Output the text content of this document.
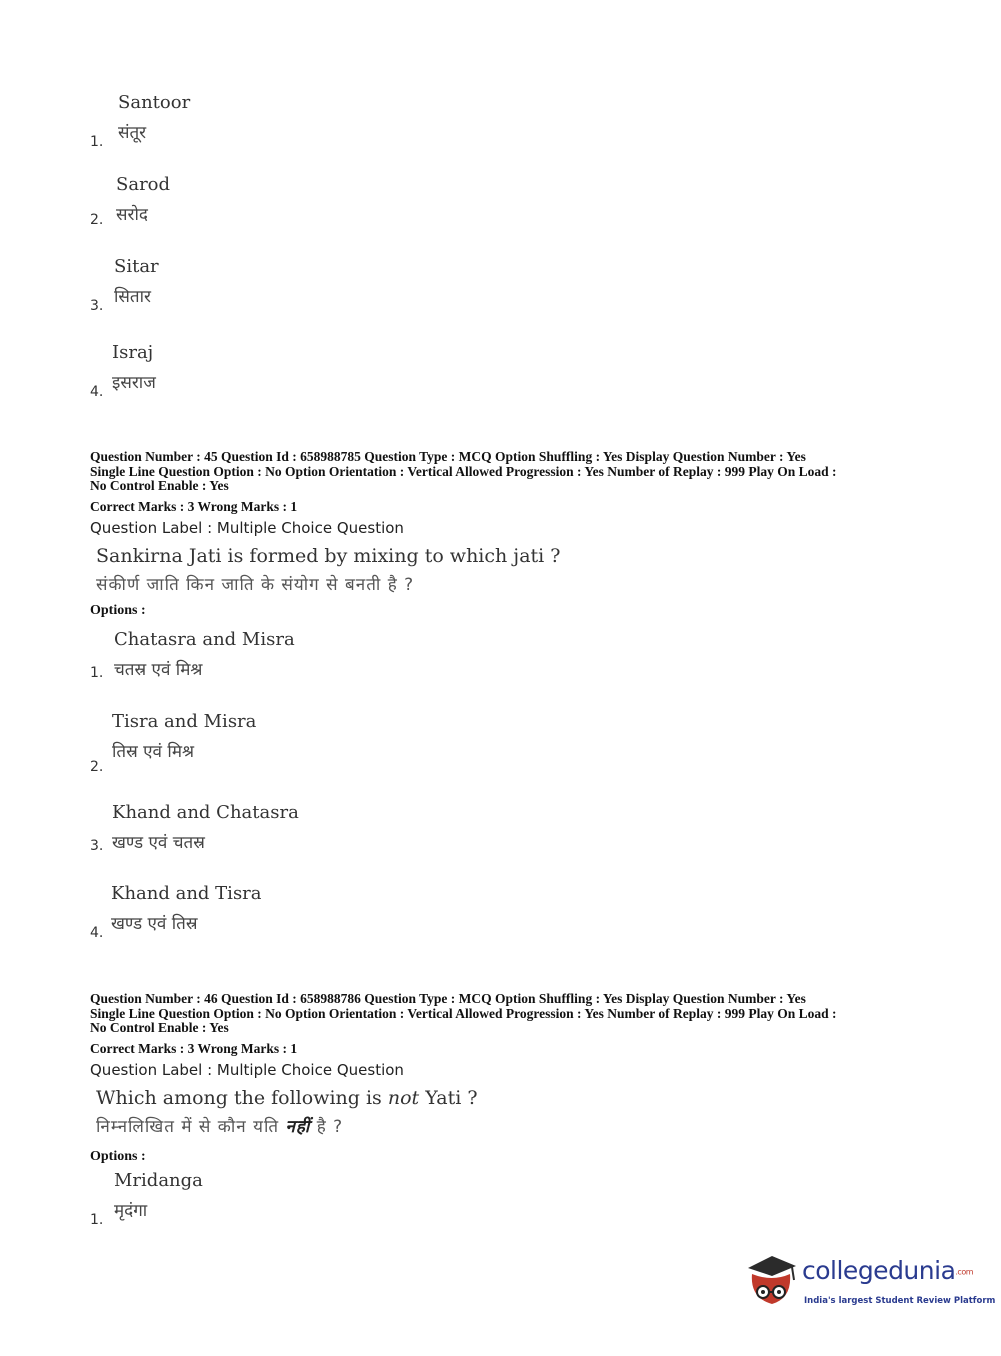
Santoor
संतूर
1.
Sarod
सरोद
2.
Sitar
सितार
3.
Israj
इसराज
4.
Question Number : 45 Question Id : 658988785 Question Type : MCQ Option Shuffling : Yes Display Question Number : Yes
Single Line Question Option : No Option Orientation : Vertical Allowed Progression : Yes Number of Replay : 999 Play On Load :
No Control Enable : Yes
Correct Marks : 3 Wrong Marks : 1
Question Label : Multiple Choice Question
Sankirna Jati is formed by mixing to which jati ?
संकीर्ण जाति किन जाति के संयोग से बनती है ?
Options :
Chatasra and Misra
चतस्र एवं मिश्र
1.
Tisra and Misra
तिस्र एवं मिश्र
2.
Khand and Chatasra
खण्ड एवं चतस्र
3.
Khand and Tisra
खण्ड एवं तिस्र
4.
Question Number : 46 Question Id : 658988786 Question Type : MCQ Option Shuffling : Yes Display Question Number : Yes
Single Line Question Option : No Option Orientation : Vertical Allowed Progression : Yes Number of Replay : 999 Play On Load :
No Control Enable : Yes
Correct Marks : 3 Wrong Marks : 1
Question Label : Multiple Choice Question
Which among the following is not Yati ?
निम्नलिखित में से कौन यति नहीं है ?
Options :
Mridanga
मृदंगा
1.
collegedunia.com
India's largest Student Review Platform
